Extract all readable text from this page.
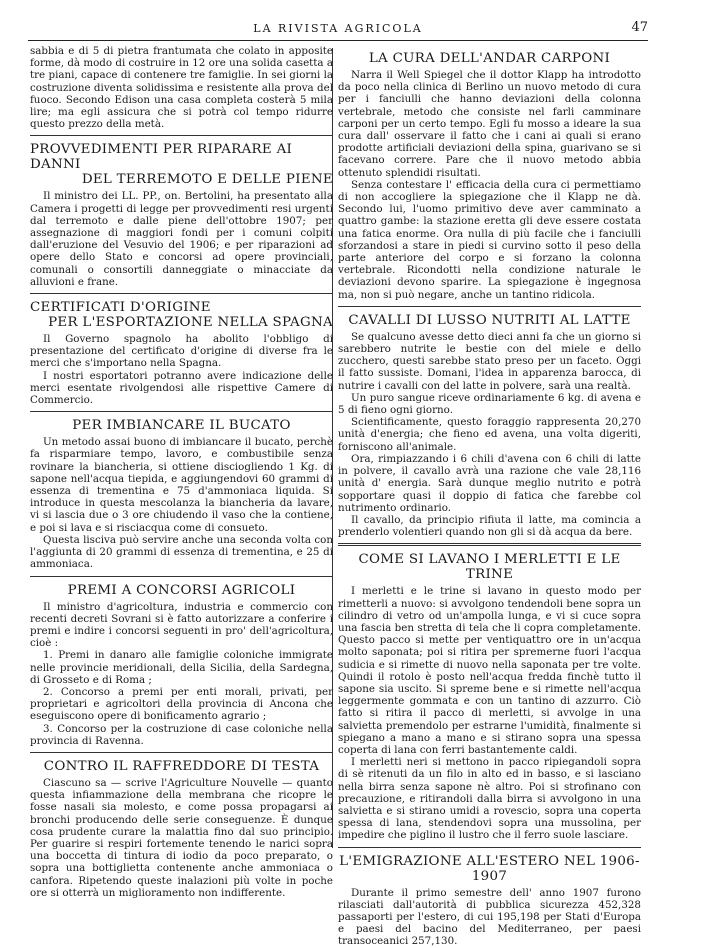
LA RIVISTA AGRICOLA	47

sabbia e di 5 di pietra frantumata che colato in apposite forme, dà modo di costruire in 12 ore una solida casetta a tre piani, capace di contenere tre famiglie. In sei giorni la costruzione diventa solidissima e resistente alla prova del fuoco. Secondo Edison una casa completa costerà 5 mila lire; ma egli assicura che si potrà col tempo ridurre questo prezzo della metà.

PROVVEDIMENTI PER RIPARARE AI DANNI
DEL TERREMOTO E DELLE PIENE

Il ministro dei LL. PP., on. Bertolini, ha presentato alla Camera i progetti di legge per provvedimenti resi urgenti dal terremoto e dalle piene dell'ottobre 1907; per assegnazione di maggiori fondi per i comuni colpiti dall'eruzione del Vesuvio del 1906; e per riparazioni ad opere dello Stato e concorsi ad opere provinciali, comunali o consortili danneggiate o minacciate da alluvioni e frane.

CERTIFICATI D'ORIGINE
PER L'ESPORTAZIONE NELLA SPAGNA

Il Governo spagnolo ha abolito l'obbligo di presentazione del certificato d'origine di diverse fra le merci che s'importano nella Spagna.

I nostri esportatori potranno avere indicazione delle merci esentate rivolgendosi alle rispettive Camere di Commercio.

PER IMBIANCARE IL BUCATO

Un metodo assai buono di imbiancare il bucato, perchè fa risparmiare tempo, lavoro, e combustibile senza rovinare la biancheria, si ottiene disciogliendo 1 Kg. di sapone nell'acqua tiepida, e aggiungendovi 60 grammi di essenza di trementina e 75 d'ammoniaca liquida. Si introduce in questa mescolanza la biancheria da lavare, vi si lascia due o 3 ore chiudendo il vaso che la contiene, e poi si lava e si risciacqua come di consueto.

Questa lisciva può servire anche una seconda volta con l'aggiunta di 20 grammi di essenza di trementina, e 25 di ammoniaca.

PREMI A CONCORSI AGRICOLI

Il ministro d'agricoltura, industria e commercio con recenti decreti Sovrani si è fatto autorizzare a conferire i premi e indire i concorsi seguenti in pro' dell'agricoltura, cioè :

1. Premi in danaro alle famiglie coloniche immigrate nelle provincie meridionali, della Sicilia, della Sardegna, di Grosseto e di Roma ;

2. Concorso a premi per enti morali, privati, per proprietari e agricoltori della provincia di Ancona che eseguiscono opere di bonificamento agrario ;

3. Concorso per la costruzione di case coloniche nella provincia di Ravenna.

CONTRO IL RAFFREDDORE DI TESTA

Ciascuno sa — scrive l'Agriculture Nouvelle — quanto questa infiammazione della membrana che ricopre le fosse nasali sia molesto, e come possa propagarsi ai bronchi producendo delle serie conseguenze. È dunque cosa prudente curare la malattia fino dal suo principio. Per guarire si respiri fortemente tenendo le narici sopra una boccetta di tintura di iodio da poco preparato, o sopra una bottiglietta contenente anche ammoniaca o canfora. Ripetendo queste inalazioni più volte in poche ore si otterrà un miglioramento non indifferente.

LA CURA DELL'ANDAR CARPONI

Narra il Well Spiegel che il dottor Klapp ha introdotto da poco nella clinica di Berlino un nuovo metodo di cura per i fanciulli che hanno deviazioni della colonna vertebrale, metodo che consiste nel farli camminare carponi per un certo tempo. Egli fu mosso a ideare la sua cura dall' osservare il fatto che i cani ai quali si erano prodotte artificiali deviazioni della spina, guarivano se si facevano correre. Pare che il nuovo metodo abbia ottenuto splendidi risultati.

Senza contestare l' efficacia della cura ci permettiamo di non accogliere la spiegazione che il Klapp ne dà. Secondo lui, l'uomo primitivo deve aver camminato a quattro gambe: la stazione eretta gli deve essere costata una fatica enorme. Ora nulla di più facile che i fanciulli sforzandosi a stare in piedi si curvino sotto il peso della parte anteriore del corpo e si forzano la colonna vertebrale. Ricondotti nella condizione naturale le deviazioni devono sparire. La spiegazione è ingegnosa ma, non si può negare, anche un tantino ridicola.

CAVALLI DI LUSSO NUTRITI AL LATTE

Se qualcuno avesse detto dieci anni fa che un giorno si sarebbero nutrite le bestie con del miele e dello zucchero, questi sarebbe stato preso per un faceto. Oggi il fatto sussiste. Domani, l'idea in apparenza barocca, di nutrire i cavalli con del latte in polvere, sarà una realtà.

Un puro sangue riceve ordinariamente 6 kg. di avena e 5 di fieno ogni giorno.

Scientificamente, questo foraggio rappresenta 20,270 unità d'energia; che fieno ed avena, una volta digeriti, forniscono all'animale.

Ora, rimpiazzando i 6 chili d'avena con 6 chili di latte in polvere, il cavallo avrà una razione che vale 28,116 unità d' energia. Sarà dunque meglio nutrito e potrà sopportare quasi il doppio di fatica che farebbe col nutrimento ordinario.

Il cavallo, da principio rifiuta il latte, ma comincia a prenderlo volentieri quando non gli si dà acqua da bere.

COME SI LAVANO I MERLETTI E LE TRINE

I merletti e le trine si lavano in questo modo per rimetterli a nuovo: si avvolgono tendendoli bene sopra un cilindro di vetro od un'ampolla lunga, e vi si cuce sopra una fascia ben stretta di tela che li copra completamente. Questo pacco si mette per ventiquattro ore in un'acqua molto saponata; poi si ritira per spremerne fuori l'acqua sudicia e si rimette di nuovo nella saponata per tre volte. Quindi il rotolo è posto nell'acqua fredda finchè tutto il sapone sia uscito. Si spreme bene e si rimette nell'acqua leggermente gommata e con un tantino di azzurro. Ciò fatto si ritira il pacco di merletti, si avvolge in una salvietta premendolo per estrarne l'umidità, finalmente si spiegano a mano a mano e si stirano sopra una spessa coperta di lana con ferri bastantemente caldi.

I merletti neri si mettono in pacco ripiegandoli sopra di sè ritenuti da un filo in alto ed in basso, e si lasciano nella birra senza sapone nè altro. Poi si strofinano con precauzione, e ritirandoli dalla birra si avvolgono in una salvietta e si stirano umidi a rovescio, sopra una coperta spessa di lana, stendendovi sopra una mussolina, per impedire che piglino il lustro che il ferro suole lasciare.

L'EMIGRAZIONE ALL'ESTERO NEL 1906-1907

Durante il primo semestre dell' anno 1907 furono rilasciati dall'autorità di pubblica sicurezza 452,328 passaporti per l'estero, di cui 195,198 per Stati d'Europa e paesi del bacino del Mediterraneo, per paesi transoceanici 257,130.
